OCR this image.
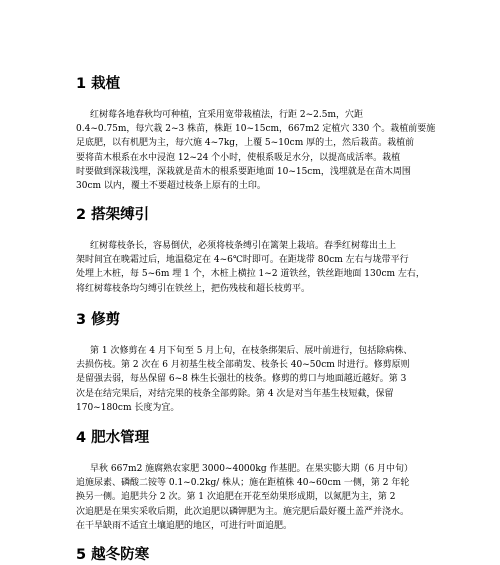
1 栽植
红树莓各地春秋均可种植，宜采用宽带栽植法，行距 2~2.5m，穴距
0.4~0.75m，每穴栽 2~3 株苗，株距 10~15cm，667m2 定植穴 330 个。栽植前要施
足底肥，以有机肥为主，每穴施 4~7kg，上覆 5~10cm 厚的土，然后栽苗。栽植前
要将苗木根系在水中浸泡 12~24 个小时，使根系吸足水分，以提高成活率。栽植
时要做到深栽浅埋，深栽就是苗木的根系要距地面 10~15cm，浅埋就是在苗木周围
30cm 以内，覆土不要超过枝条上原有的土印。
2 搭架缚引
红树莓枝条长，容易倒伏，必须将枝条缚引在篱架上栽培。春季红树莓出土上
架时间宜在晚霜过后，地温稳定在 4~6℃时即可。在距垅带 80cm 左右与垅带平行
处埋上木桩，每 5~6m 埋 1 个，木桩上横拉 1~2 道铁丝，铁丝距地面 130cm 左右，
将红树莓枝条均匀缚引在铁丝上，把伤残枝和超长枝剪平。
3 修剪
第 1 次修剪在 4 月下旬至 5 月上旬，在枝条绑架后、展叶前进行，包括除病株、
去损伤枝。第 2 次在 6 月初基生枝全部萌发、枝条长 40~50cm 时进行。修剪原则
是留强去弱，每丛保留 6~8 株生长强壮的枝条。修剪的剪口与地面越近越好。第 3
次是在结完果后，对结完果的枝条全部剪除。第 4 次是对当年基生枝短截，保留
170~180cm 长度为宜。
4 肥水管理
早秋 667m2 施腐熟农家肥 3000~4000kg 作基肥。在果实膨大期（6 月中旬）
追施尿素、磷酸二铵等 0.1~0.2kg/ 株从；施在距植株 40~60cm 一侧，第 2 年轮
换另一侧。追肥共分 2 次。第 1 次追肥在开花至幼果形成期，以氮肥为主，第 2
次追肥是在果实采收后期，此次追肥以磷钾肥为主。施完肥后最好覆土盖严并浇水。
在干旱缺雨不适宜土壤追肥的地区，可进行叶面追肥。
5 越冬防寒
